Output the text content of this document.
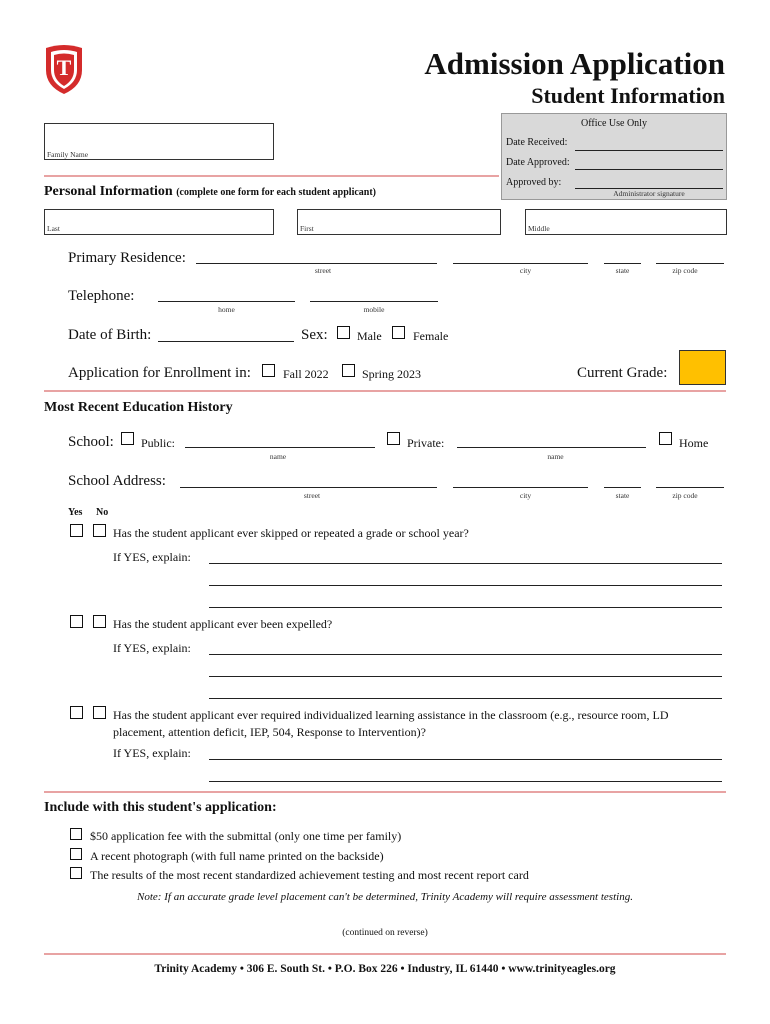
T	Admission Application
Student Information
Family Name
Office Use Only
Date Received:
Date Approved:
Approved by:
Administrator signature
Personal Information (complete one form for each student applicant)
Last	First	Middle
Primary Residence:
street	city	state	zip code
Telephone:
home	mobile
Date of Birth:	Sex: Male	Female
Application for Enrollment in:	Fall 2022	Spring 2023	Current Grade:
Most Recent Education History
School: Public:
name
Private:
name
Home
School Address:
street	city	state	zip code
Yes No
Has the student applicant ever skipped or repeated a grade or school year?
If YES, explain:
Has the student applicant ever been expelled?
If YES, explain:
Has the student applicant ever required individualized learning assistance in the classroom (e.g., resource room, LD
placement, attention deficit, IEP, 504, Response to Intervention)?
If YES, explain:
Include with this student's application:
$50 application fee with the submittal (only one time per family)
A recent photograph (with full name printed on the backside)
The results of the most recent standardized achievement testing and most recent report card
Note: If an accurate grade level placement can't be determined, Trinity Academy will require assessment testing.
(continued on reverse)
Trinity Academy • 306 E. South St. • P.O. Box 226 • Industry, IL 61440 • www.trinityeagles.org
